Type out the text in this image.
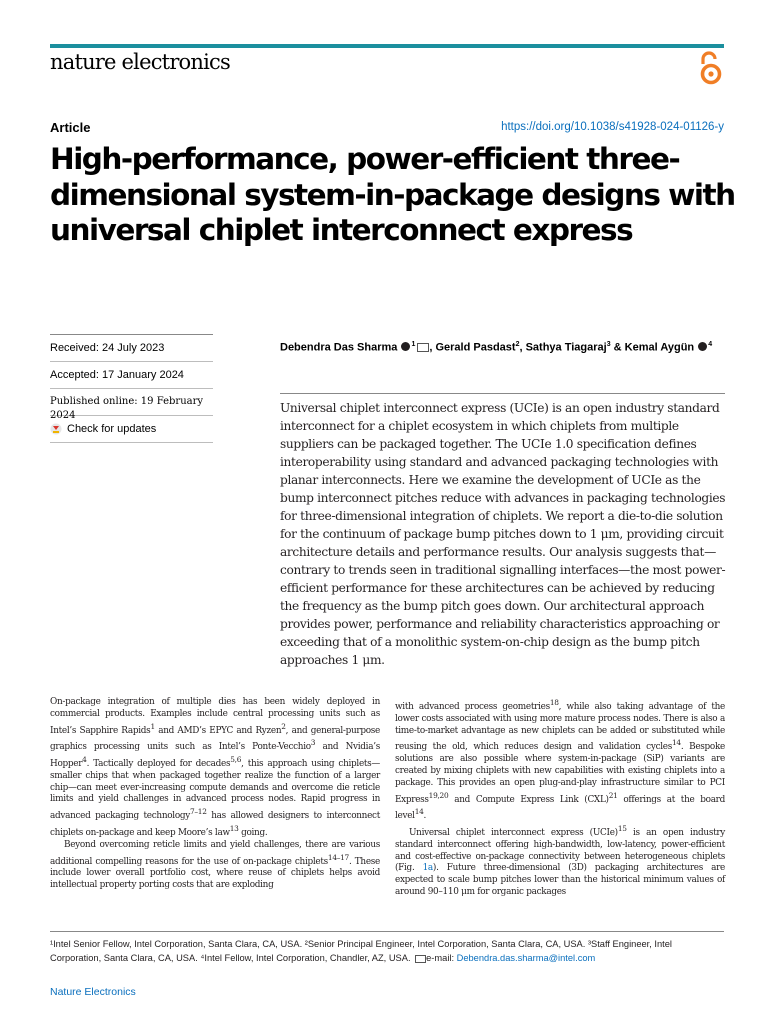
nature electronics
Article	https://doi.org/10.1038/s41928-024-01126-y
High-performance, power-efficient three-dimensional system-in-package designs with universal chiplet interconnect express
Received: 24 July 2023
Accepted: 17 January 2024
Published online: 19 February 2024
Check for updates
Debendra Das Sharma $^1$ , Gerald Pasdast$^2$, Sathya Tiagaraj$^3$ & Kemal Aygün $^4$

Universal chiplet interconnect express (UCIe) is an open industry standard interconnect for a chiplet ecosystem in which chiplets from multiple suppliers can be packaged together. The UCIe 1.0 specification defines interoperability using standard and advanced packaging technologies with planar interconnects. Here we examine the development of UCIe as the bump interconnect pitches reduce with advances in packaging technologies for three-dimensional integration of chiplets. We report a die-to-die solution for the continuum of package bump pitches down to 1 μm, providing circuit architecture details and performance results. Our analysis suggests that—contrary to trends seen in traditional signalling interfaces—the most power-efficient performance for these architectures can be achieved by reducing the frequency as the bump pitch goes down. Our architectural approach provides power, performance and reliability characteristics approaching or exceeding that of a monolithic system-on-chip design as the bump pitch approaches 1 μm.

On-package integration of multiple dies has been widely deployed in commercial products. Examples include central processing units such as Intel’s Sapphire Rapids$^1$ and AMD’s EPYC and Ryzen$^2$, and general-purpose graphics processing units such as Intel’s Ponte-Vecchio$^3$ and Nvidia’s Hopper$^4$. Tactically deployed for decades$^{5,6}$, this approach using chiplets—smaller chips that when packaged together realize the function of a larger chip—can meet ever-increasing compute demands and overcome die reticle limits and yield challenges in advanced process nodes. Rapid progress in advanced packaging technology$^{7-12}$ has allowed designers to interconnect chiplets on-package and keep Moore’s law$^{13}$ going.

Beyond overcoming reticle limits and yield challenges, there are various additional compelling reasons for the use of on-package chiplets$^{14-17}$. These include lower overall portfolio cost, where reuse of chiplets helps avoid intellectual property porting costs that are exploding

with advanced process geometries$^{18}$, while also taking advantage of the lower costs associated with using more mature process nodes. There is also a time-to-market advantage as new chiplets can be added or substituted while reusing the old, which reduces design and validation cycles$^{14}$. Bespoke solutions are also possible where system-in-package (SiP) variants are created by mixing chiplets with new capabilities with existing chiplets into a package. This provides an open plug-and-play infrastructure similar to PCI Express$^{19,20}$ and Compute Express Link (CXL)$^{21}$ offerings at the board level$^{14}$.

Universal chiplet interconnect express (UCIe)$^{15}$ is an open industry standard interconnect offering high-bandwidth, low-latency, power-efficient and cost-effective on-package connectivity between heterogeneous chiplets (Fig. 1a). Future three-dimensional (3D) packaging architectures are expected to scale bump pitches lower than the historical minimum values of around 90–110 μm for organic packages

¹Intel Senior Fellow, Intel Corporation, Santa Clara, CA, USA. ²Senior Principal Engineer, Intel Corporation, Santa Clara, CA, USA. ³Staff Engineer, Intel Corporation, Santa Clara, CA, USA. ⁴Intel Fellow, Intel Corporation, Chandler, AZ, USA. e-mail: Debendra.das.sharma@intel.com

Nature Electronics
